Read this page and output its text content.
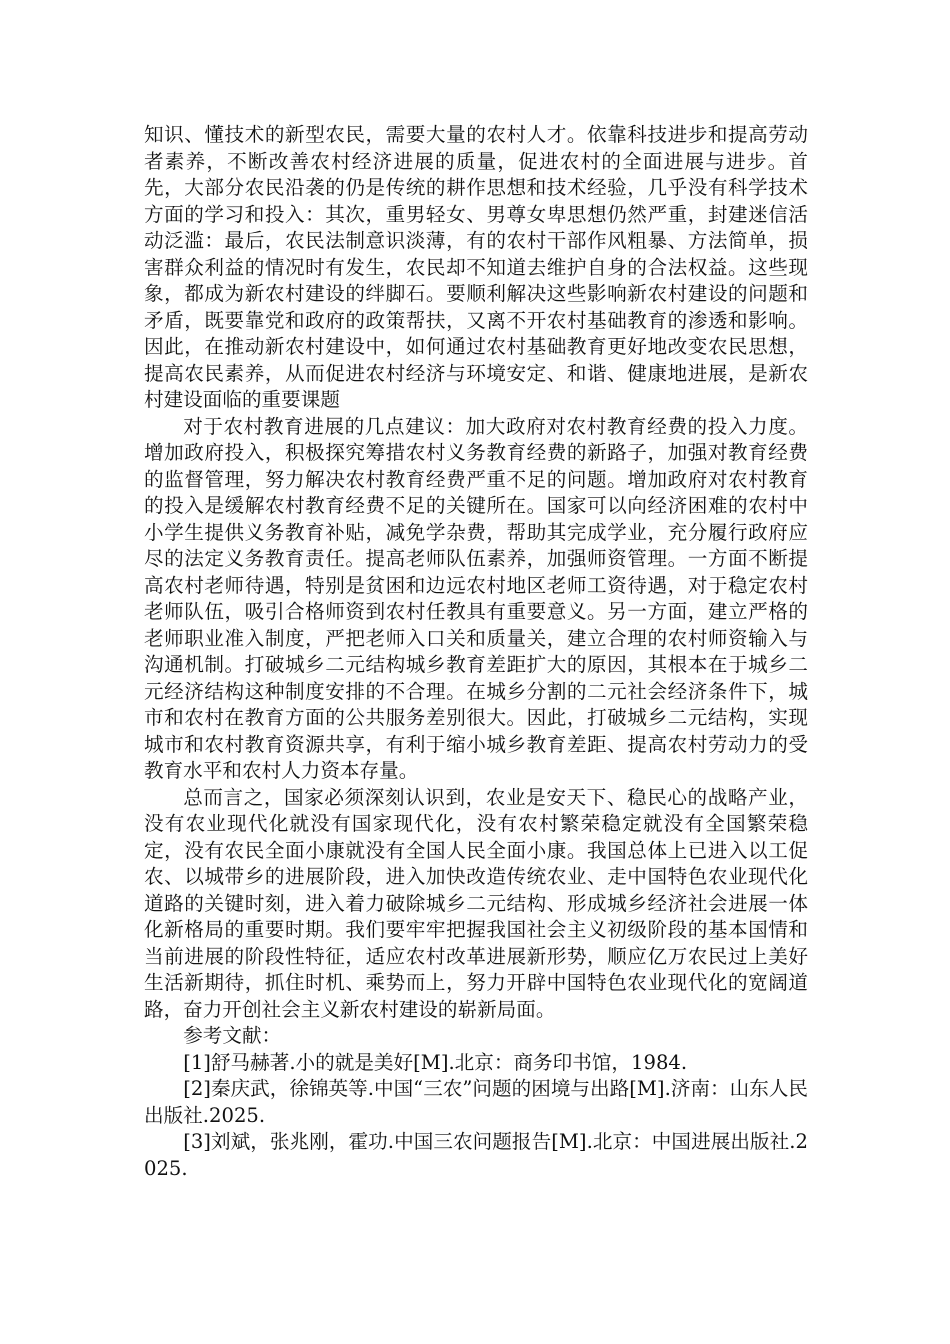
知识、懂技术的新型农民，需要大量的农村人才。依靠科技进步和提高劳动者素养，不断改善农村经济进展的质量，促进农村的全面进展与进步。首先，大部分农民沿袭的仍是传统的耕作思想和技术经验，几乎没有科学技术方面的学习和投入：其次，重男轻女、男尊女卑思想仍然严重，封建迷信活动泛滥：最后，农民法制意识淡薄，有的农村干部作风粗暴、方法简单，损害群众利益的情况时有发生，农民却不知道去维护自身的合法权益。这些现象，都成为新农村建设的绊脚石。要顺利解决这些影响新农村建设的问题和矛盾，既要靠党和政府的政策帮扶，又离不开农村基础教育的渗透和影响。因此，在推动新农村建设中，如何通过农村基础教育更好地改变农民思想，提高农民素养，从而促进农村经济与环境安定、和谐、健康地进展，是新农村建设面临的重要课题

对于农村教育进展的几点建议：加大政府对农村教育经费的投入力度。增加政府投入，积极探究筹措农村义务教育经费的新路子，加强对教育经费的监督管理，努力解决农村教育经费严重不足的问题。增加政府对农村教育的投入是缓解农村教育经费不足的关键所在。国家可以向经济困难的农村中小学生提供义务教育补贴，减免学杂费，帮助其完成学业，充分履行政府应尽的法定义务教育责任。提高老师队伍素养，加强师资管理。一方面不断提高农村老师待遇，特别是贫困和边远农村地区老师工资待遇，对于稳定农村老师队伍，吸引合格师资到农村任教具有重要意义。另一方面，建立严格的老师职业准入制度，严把老师入口关和质量关，建立合理的农村师资输入与沟通机制。打破城乡二元结构城乡教育差距扩大的原因，其根本在于城乡二元经济结构这种制度安排的不合理。在城乡分割的二元社会经济条件下，城市和农村在教育方面的公共服务差别很大。因此，打破城乡二元结构，实现城市和农村教育资源共享，有利于缩小城乡教育差距、提高农村劳动力的受教育水平和农村人力资本存量。

总而言之，国家必须深刻认识到，农业是安天下、稳民心的战略产业，没有农业现代化就没有国家现代化，没有农村繁荣稳定就没有全国繁荣稳定，没有农民全面小康就没有全国人民全面小康。我国总体上已进入以工促农、以城带乡的进展阶段，进入加快改造传统农业、走中国特色农业现代化道路的关键时刻，进入着力破除城乡二元结构、形成城乡经济社会进展一体化新格局的重要时期。我们要牢牢把握我国社会主义初级阶段的基本国情和当前进展的阶段性特征，适应农村改革进展新形势，顺应亿万农民过上美好生活新期待，抓住时机、乘势而上，努力开辟中国特色农业现代化的宽阔道路，奋力开创社会主义新农村建设的崭新局面。

参考文献：

[1]舒马赫著.小的就是美好[M].北京：商务印书馆，1984.

[2]秦庆武，徐锦英等.中国“三农”问题的困境与出路[M].济南：山东人民出版社.2025.

[3]刘斌，张兆刚，霍功.中国三农问题报告[M].北京：中国进展出版社.2025.
